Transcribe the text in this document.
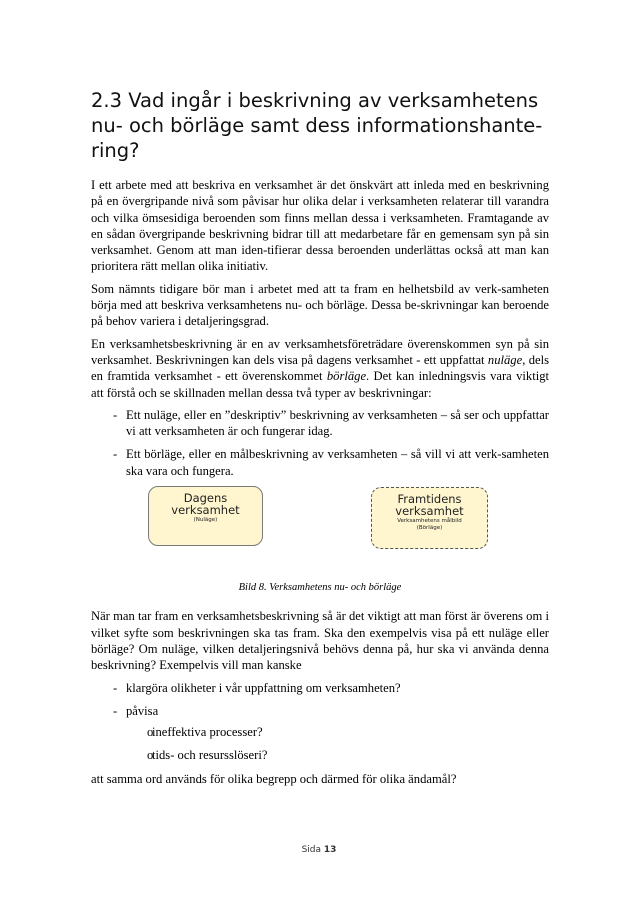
2.3 Vad ingår i beskrivning av verksamhetens nu- och börläge samt dess informationshante-ring?

I ett arbete med att beskriva en verksamhet är det önskvärt att inleda med en beskrivning på en övergripande nivå som påvisar hur olika delar i verksamheten relaterar till varandra och vilka ömsesidiga beroenden som finns mellan dessa i verksamheten. Framtagande av en sådan övergripande beskrivning bidrar till att medarbetare får en gemensam syn på sin verksamhet. Genom att man iden-tifierar dessa beroenden underlättas också att man kan prioritera rätt mellan olika initiativ.

Som nämnts tidigare bör man i arbetet med att ta fram en helhetsbild av verk-samheten börja med att beskriva verksamhetens nu- och börläge. Dessa be-skrivningar kan beroende på behov variera i detaljeringsgrad.

En verksamhetsbeskrivning är en av verksamhetsföreträdare överenskommen syn på sin verksamhet. Beskrivningen kan dels visa på dagens verksamhet - ett uppfattat nuläge, dels en framtida verksamhet - ett överenskommet börläge. Det kan inledningsvis vara viktigt att förstå och se skillnaden mellan dessa två typer av beskrivningar:

- Ett nuläge, eller en ”deskriptiv” beskrivning av verksamheten – så ser och uppfattar vi att verksamheten är och fungerar idag.
- Ett börläge, eller en målbeskrivning av verksamheten – så vill vi att verk-samheten ska vara och fungera.
Dagens
verksamhet
(Nuläge)
Framtidens
verksamhet
Verksamhetens målbild
(Börläge)
Bild 8. Verksamhetens nu- och börläge

När man tar fram en verksamhetsbeskrivning så är det viktigt att man först är överens om i vilket syfte som beskrivningen ska tas fram. Ska den exempelvis visa på ett nuläge eller börläge? Om nuläge, vilken detaljeringsnivå behövs denna på, hur ska vi använda denna beskrivning? Exempelvis vill man kanske

- klargöra olikheter i vår uppfattning om verksamheten?
- påvisa
o
ineffektiva processer?
o
tids- och resursslöseri?

att samma ord används för olika begrepp och därmed för olika ändamål?

Sida 13
